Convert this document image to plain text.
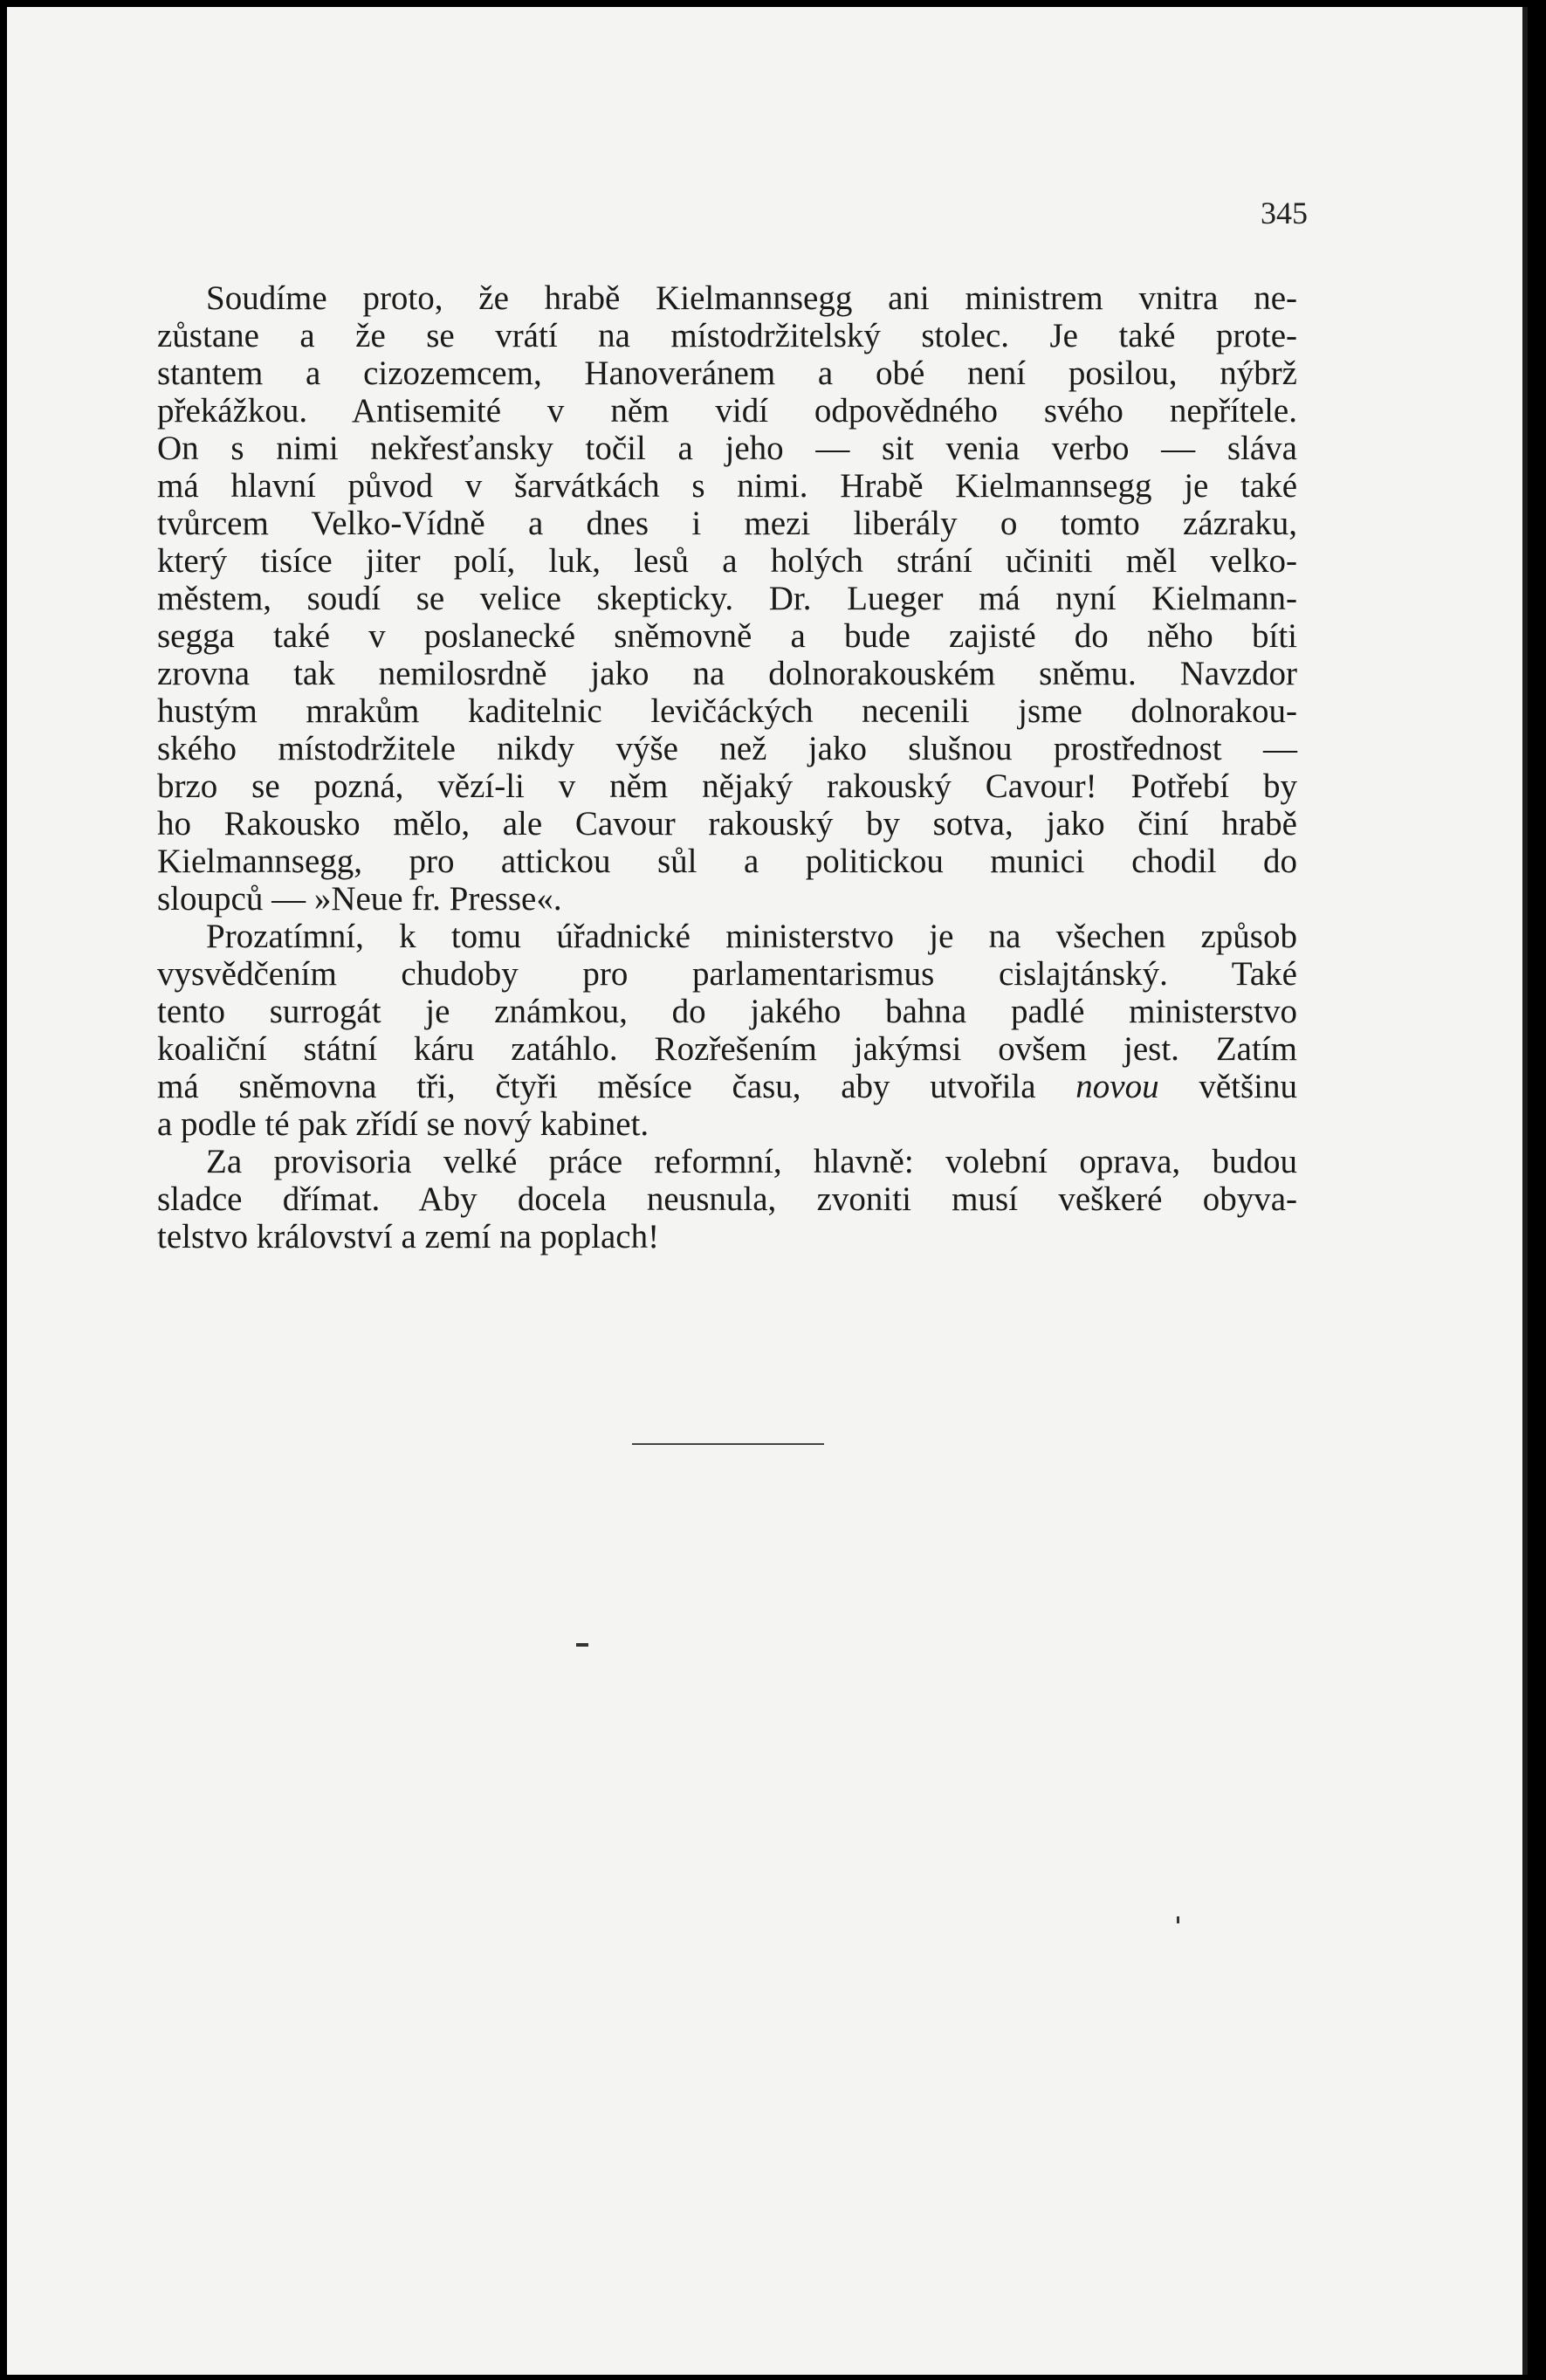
345

Soudíme proto, že hrabě Kielmannsegg ani ministrem vnitra ne-
zůstane a že se vrátí na místodržitelský stolec. Je také prote-
stantem a cizozemcem, Hanoveránem a obé není posilou, nýbrž
překážkou. Antisemité v něm vidí odpovědného svého nepřítele.
On s nimi nekřesťansky točil a jeho — sit venia verbo — sláva
má hlavní původ v šarvátkách s nimi. Hrabě Kielmannsegg je také
tvůrcem Velko-Vídně a dnes i mezi liberály o tomto zázraku,
který tisíce jiter polí, luk, lesů a holých strání učiniti měl velko-
městem, soudí se velice skepticky. Dr. Lueger má nyní Kielmann-
segga také v poslanecké sněmovně a bude zajisté do něho bíti
zrovna tak nemilosrdně jako na dolnorakouském sněmu. Navzdor
hustým mrakům kaditelnic levičáckých necenili jsme dolnorakou-
ského místodržitele nikdy výše než jako slušnou prostřednost —
brzo se pozná, vězí-li v něm nějaký rakouský Cavour! Potřebí by
ho Rakousko mělo, ale Cavour rakouský by sotva, jako činí hrabě
Kielmannsegg, pro attickou sůl a politickou munici chodil do
sloupců — »Neue fr. Presse«.

Prozatímní, k tomu úřadnické ministerstvo je na všechen způsob
vysvědčením chudoby pro parlamentarismus cislajtánský. Také
tento surrogát je známkou, do jakého bahna padlé ministerstvo
koaliční státní káru zatáhlo. Rozřešením jakýmsi ovšem jest. Zatím
má sněmovna tři, čtyři měsíce času, aby utvořila novou většinu
a podle té pak zřídí se nový kabinet.

Za provisoria velké práce reformní, hlavně: volební oprava, budou
sladce dřímat. Aby docela neusnula, zvoniti musí veškeré obyva-
telstvo království a zemí na poplach!
